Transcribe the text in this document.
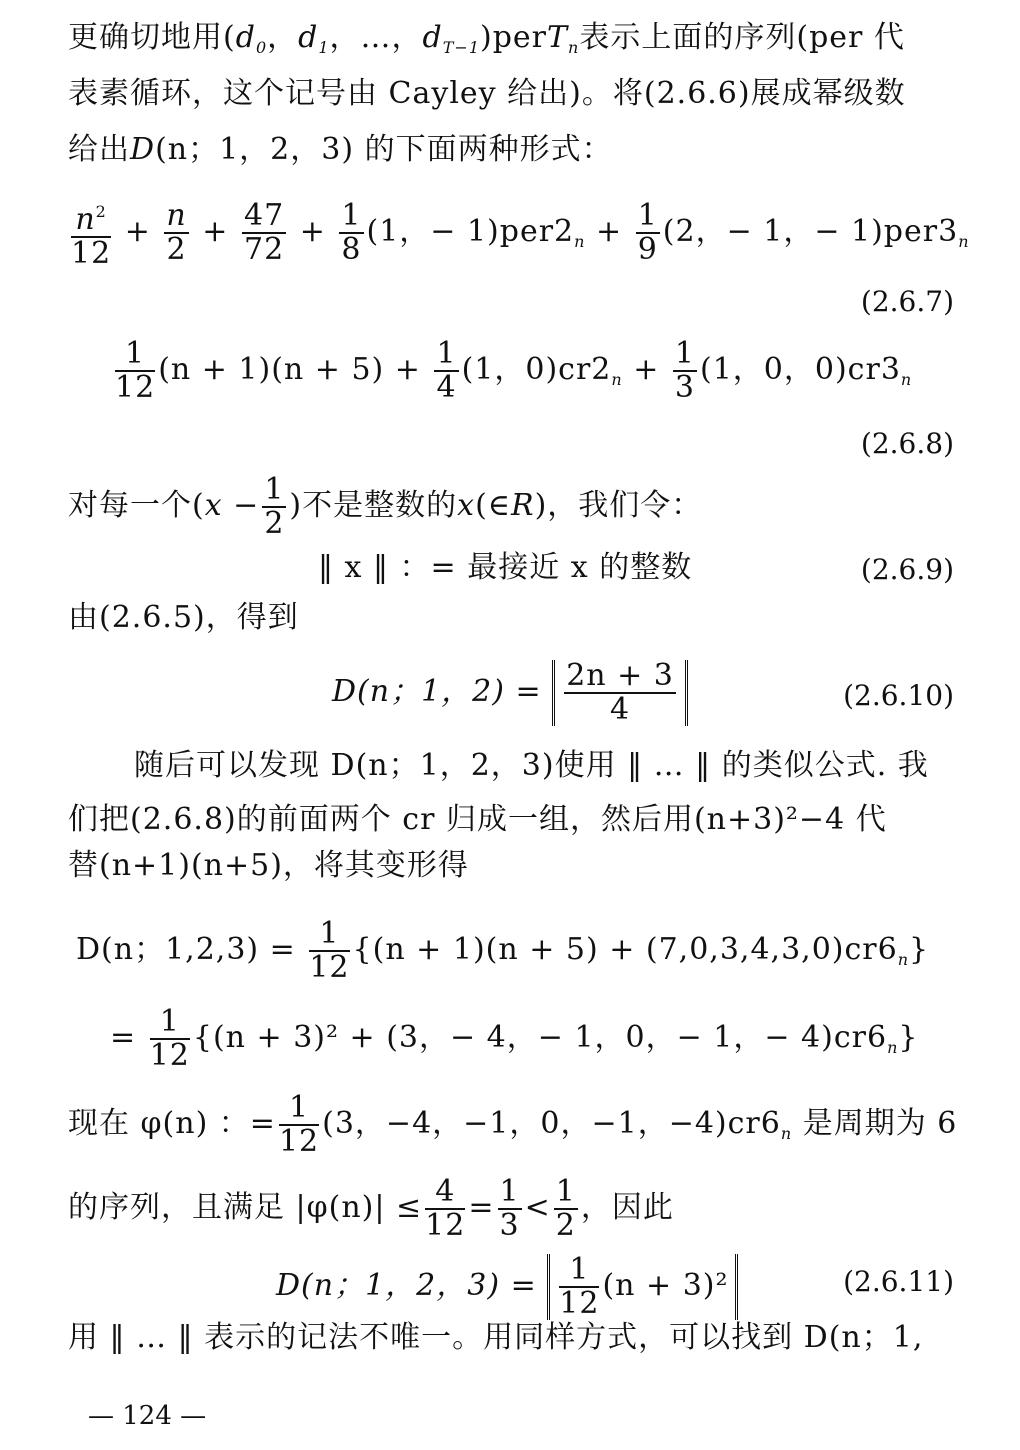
更确切地用($d_0$，$d_1$，…，$d_{T-1})perT_n$表示上面的序列(per 代
表素循环，这个记号由 Cayley 给出)。将(2.6.6)展成幂级数
给出D(n；1，2，3) 的下面两种形式：
$\frac{n^2}{12} + \frac{n}{2} + \frac{47}{72} + \frac{1}{8} (1$，− $1)per2_n + \frac{1}{9} (2$，− 1，− $1)per3_n$
(2.6.7)
$\frac{1}{12} (n + 1)(n + 5) + \frac{1}{4} (1$，$0)cr2_n + \frac{1}{3} (1$，0，$0)cr3_n$
(2.6.8)
对每一个($x - \frac{1}{2}$ )不是整数的x(∈R)，我们令：
‖ x ‖ ：= 最接近 x 的整数	(2.6.9)
由(2.6.5)，得到
D(n；1，$2) = \frac{2n + 3}{4}$	(2.6.10)
随后可以发现 D(n；1，2，3)使用 ‖ … ‖ 的类似公式. 我
们把(2.6.8)的前面两个 cr 归成一组，然后用(n+3)²−4 代
替(n+1)(n+5)，将其变形得
D(n；$1,2,3) = \frac{1}{12} \{(n + 1)(n + 5) + (7,0,3,4,3,0)cr6_n\}$
= $\frac{1}{12} \{(n + 3)^2 + (3$，− 4，− 1，0，− 1，− $4)cr6_n$}
现在 φ(n) ：= $\frac{1}{12} (3$，−4，−1，0，−1，$-4)cr6_n$ 是周期为 6
的序列，且满足 $|\varphi(n)| \le \frac{4}{12} = \frac{1}{3} < \frac{1}{2}$ ，因此
D(n；1，2，$3) = \frac{1}{12} (n + 3)^2$	(2.6.11)
用 ‖ … ‖ 表示的记法不唯一。用同样方式，可以找到 D(n；1,
— 124 —
